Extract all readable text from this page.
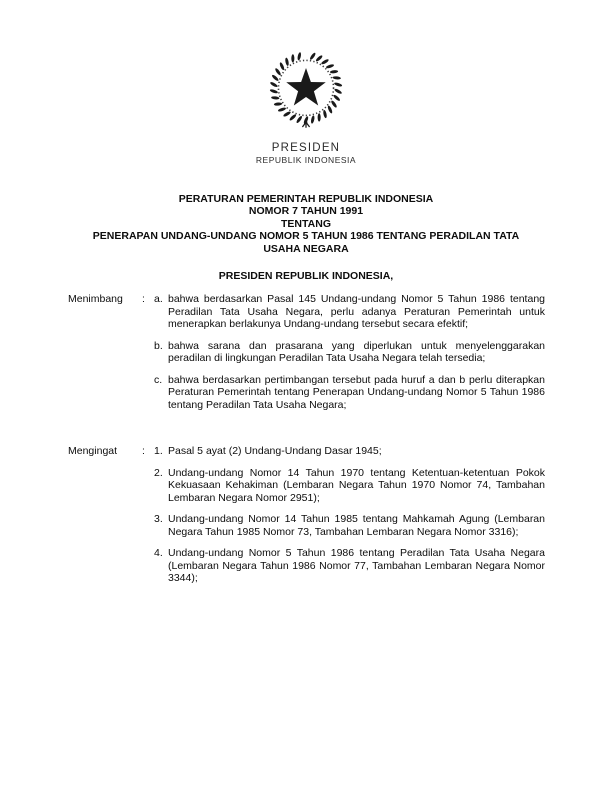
PRESIDEN
REPUBLIK INDONESIA
PERATURAN PEMERINTAH REPUBLIK INDONESIA
NOMOR 7 TAHUN 1991
TENTANG
PENERAPAN UNDANG-UNDANG NOMOR 5 TAHUN 1986 TENTANG PERADILAN TATA
USAHA NEGARA
PRESIDEN REPUBLIK INDONESIA,
Menimbang	: a. bahwa berdasarkan Pasal 145 Undang-undang Nomor 5 Tahun 1986 tentang Peradilan Tata Usaha Negara, perlu adanya Peraturan Pemerintah untuk menerapkan berlakunya Undang-undang tersebut secara efektif;
b. bahwa sarana dan prasarana yang diperlukan untuk menyelenggarakan peradilan di lingkungan Peradilan Tata Usaha Negara telah tersedia;
c. bahwa berdasarkan pertimbangan tersebut pada huruf a dan b perlu diterapkan Peraturan Pemerintah tentang Penerapan Undang-undang Nomor 5 Tahun 1986 tentang Peradilan Tata Usaha Negara;
Mengingat	: 1. Pasal 5 ayat (2) Undang-Undang Dasar 1945;
2. Undang-undang Nomor 14 Tahun 1970 tentang Ketentuan-ketentuan Pokok Kekuasaan Kehakiman (Lembaran Negara Tahun 1970 Nomor 74, Tambahan Lembaran Negara Nomor 2951);
3. Undang-undang Nomor 14 Tahun 1985 tentang Mahkamah Agung (Lembaran Negara Tahun 1985 Nomor 73, Tambahan Lembaran Negara Nomor 3316);
4. Undang-undang Nomor 5 Tahun 1986 tentang Peradilan Tata Usaha Negara (Lembaran Negara Tahun 1986 Nomor 77, Tambahan Lembaran Negara Nomor 3344);
